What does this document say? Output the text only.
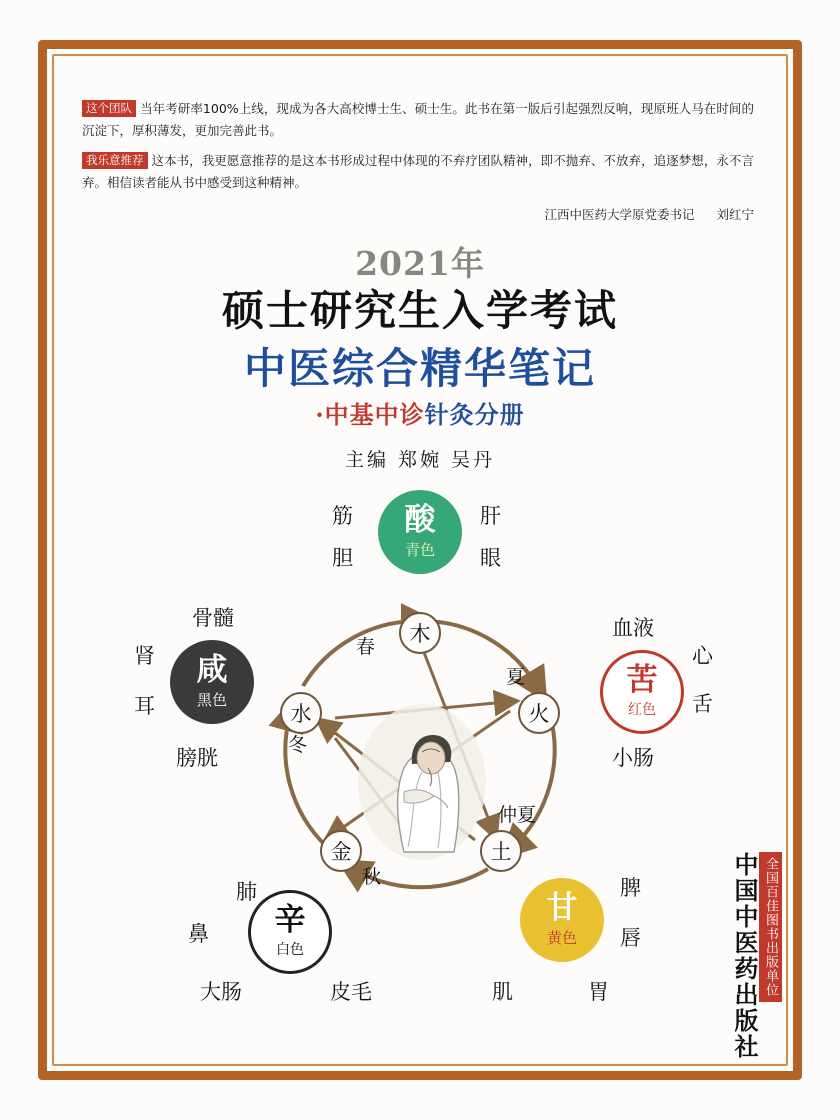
这个团队 当年考研率100%上线，现成为各大高校博士生、硕士生。此书在第一版后引起强烈反响，现原班人马在时间的沉淀下，厚积薄发，更加完善此书。

我乐意推荐 这本书，我更愿意推荐的是这本书形成过程中体现的不弃疗团队精神，即不抛弃、不放弃，追逐梦想，永不言弃。相信读者能从书中感受到这种精神。

江西中医药大学原党委书记 刘红宁
2021年
硕士研究生入学考试
中医综合精华笔记
·中基中诊针灸分册
主编 郑婉 吴丹
木
火
土
金
水
春
夏
仲夏
秋
冬
酸
青色
苦
红色
甘
黄色
辛
白色
咸
黑色
筋
胆
肝
眼
血液
心
舌
小肠
脾
唇
肌	胃
肺
鼻
大肠	皮毛
骨髓
肾
耳
膀胱
中国中医药出版社 全国百佳图书出版单位
